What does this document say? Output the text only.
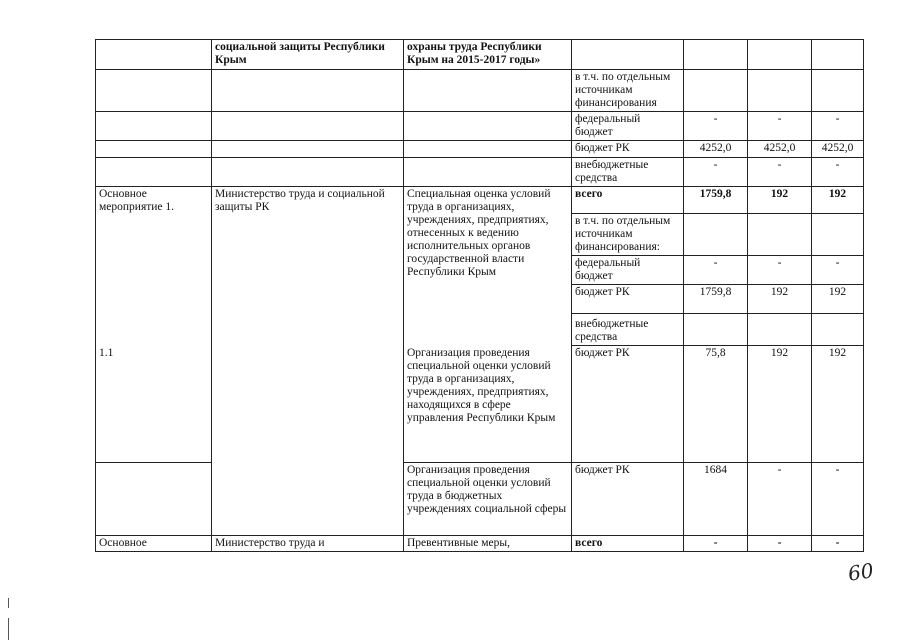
	социальной защиты Республики Крым	охраны труда Республики Крым на 2015-2017 годы»				
			в т.ч. по отдельным источникам финансирования			
			федеральный бюджет	-	-	-
			бюджет РК	4252,0	4252,0	4252,0
			внебюджетные средства	-	-	-
Основное мероприятие 1.	Министерство труда и социальной защиты РК	Специальная оценка условий труда в организациях, учреждениях, предприятиях, отнесенных к ведению исполнительных органов государственной власти Республики Крым	всего	1759,8	192	192
			в т.ч. по отдельным источникам финансирования:			
			федеральный бюджет	-	-	-
			бюджет РК	1759,8	192	192
			внебюджетные средства			
1.1		Организация проведения специальной оценки условий труда в организациях, учреждениях, предприятиях, находящихся в сфере управления Республики Крым	бюджет РК	75,8	192	192
		Организация проведения специальной оценки условий труда в бюджетных учреждениях социальной сферы	бюджет РК	1684	-	-
Основное	Министерство труда и	Превентивные меры,	всего	-	-	-
60
